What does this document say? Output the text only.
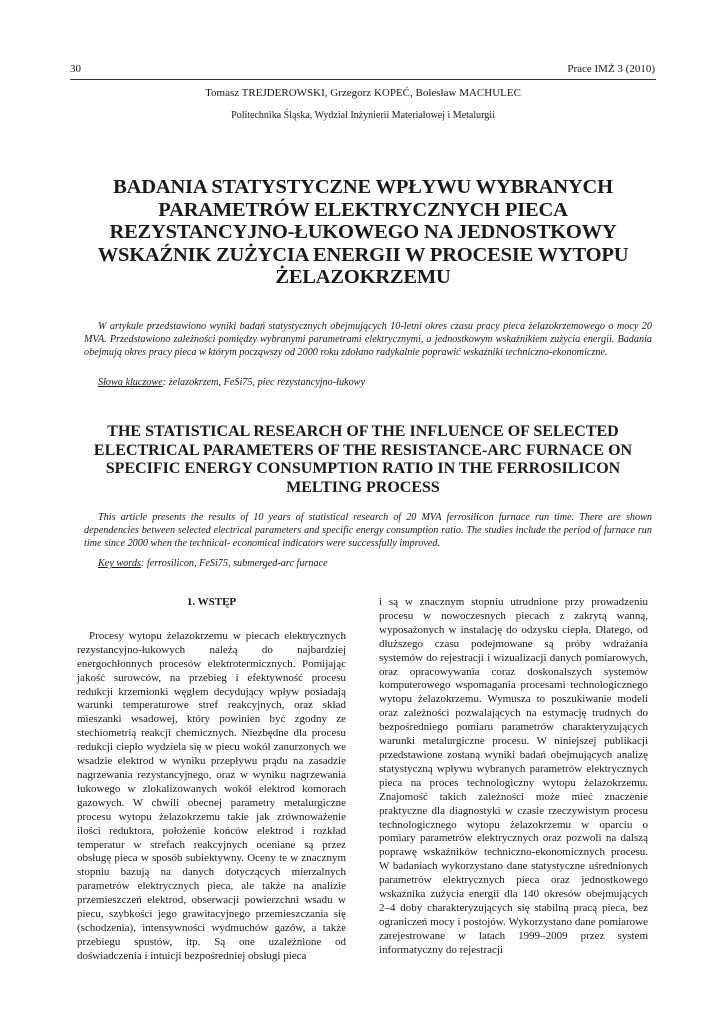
30	Prace IMŻ 3 (2010)
Tomasz TREJDEROWSKI, Grzegorz KOPEĆ, Bolesław MACHULEC
Politechnika Śląska, Wydział Inżynierii Materiałowej i Metalurgii
BADANIA STATYSTYCZNE WPŁYWU WYBRANYCH PARAMETRÓW ELEKTRYCZNYCH PIECA REZYSTANCYJNO-ŁUKOWEGO NA JEDNOSTKOWY WSKAŹNIK ZUŻYCIA ENERGII W PROCESIE WYTOPU ŻELAZOKRZEMU

W artykule przedstawiono wyniki badań statystycznych obejmujących 10-letni okres czasu pracy pieca żelazokrzemowego o mocy 20 MVA. Przedstawiono zależności pomiędzy wybranymi parametrami elektrycznymi, a jednostkowym wskaźnikiem zużycia energii. Badania obejmują okres pracy pieca w którym począwszy od 2000 roku zdołano radykalnie poprawić wskaźniki techniczno-ekonomiczne.

Słowa kluczowe: żelazokrzem, FeSi75, piec rezystancyjno-łukowy
THE STATISTICAL RESEARCH OF THE INFLUENCE OF SELECTED ELECTRICAL PARAMETERS OF THE RESISTANCE-ARC FURNACE ON SPECIFIC ENERGY CONSUMPTION RATIO IN THE FERROSILICON MELTING PROCESS

This article presents the results of 10 years of statistical research of 20 MVA ferrosilicon furnace run time. There are shown dependencies between selected electrical parameters and specific energy consumption ratio. The studies include the period of furnace run time since 2000 when the technical- economical indicators were successfully improved.

Key words: ferrosilicon, FeSi75, submerged-arc furnace
1. WSTĘP

Procesy wytopu żelazokrzemu w piecach elektrycznych rezystancyjno-łukowych należą do najbardziej energochłonnych procesów elektrotermicznych. Pomijając jakość surowców, na przebieg i efektywność procesu redukcji krzemionki węglem decydujący wpływ posiadają warunki temperaturowe stref reakcyjnych, oraz skład mieszanki wsadowej, który powinien być zgodny ze stechiometrią reakcji chemicznych. Niezbędne dla procesu redukcji ciepło wydziela się w piecu wokół zanurzonych we wsadzie elektrod w wyniku przepływu prądu na zasadzie nagrzewania rezystancyjnego, oraz w wyniku nagrzewania łukowego w zlokalizowanych wokół elektrod komorach gazowych. W chwili obecnej parametry metalurgiczne procesu wytopu żelazokrzemu takie jak zrównoważenie ilości reduktora, położenie końców elektrod i rozkład temperatur w strefach reakcyjnych oceniane są przez obsługę pieca w sposób subiektywny. Oceny te w znacznym stopniu bazują na danych dotyczących mierzalnych parametrów elektrycznych pieca, ale także na analizie przemieszczeń elektrod, obserwacji powierzchni wsadu w piecu, szybkości jego grawitacyjnego przemieszczania się (schodzenia), intensywności wydmuchów gazów, a także przebiegu spustów, itp. Są one uzależnione od doświadczenia i intuicji bezpośredniej obsługi pieca

i są w znacznym stopniu utrudnione przy prowadzeniu procesu w nowoczesnych piecach z zakrytą wanną, wyposażonych w instalację do odzysku ciepła. Dlatego, od dłuższego czasu podejmowane są próby wdrażania systemów do rejestracji i wizualizacji danych pomiarowych, oraz opracowywania coraz doskonalszych systemów komputerowego wspomagania procesami technologicznego wytopu żelazokrzemu. Wymusza to poszukiwanie modeli oraz zależności pozwalających na estymację trudnych do bezpośredniego pomiaru parametrów charakteryzujących warunki metalurgiczne procesu. W niniejszej publikacji przedstawione zostaną wyniki badań obejmujących analizę statystyczną wpływu wybranych parametrów elektrycznych pieca na proces technologiczny wytopu żelazokrzemu. Znajomość takich zależności może mieć znaczenie praktyczne dla diagnostyki w czasie rzeczywistym procesu technologicznego wytopu żelazokrzemu w oparciu o pomiary parametrów elektrycznych oraz pozwoli na dalszą poprawę wskaźników techniczno-ekonomicznych procesu. W badaniach wykorzystano dane statystyczne uśrednionych parametrów elektrycznych pieca oraz jednostkowego wskaźnika zużycia energii dla 140 okresów obejmujących 2–4 doby charakteryzujących się stabilną pracą pieca, bez ograniczeń mocy i postojów. Wykorzystano dane pomiarowe zarejestrowane w latach 1999–2009 przez system informatyczny do rejestracji
